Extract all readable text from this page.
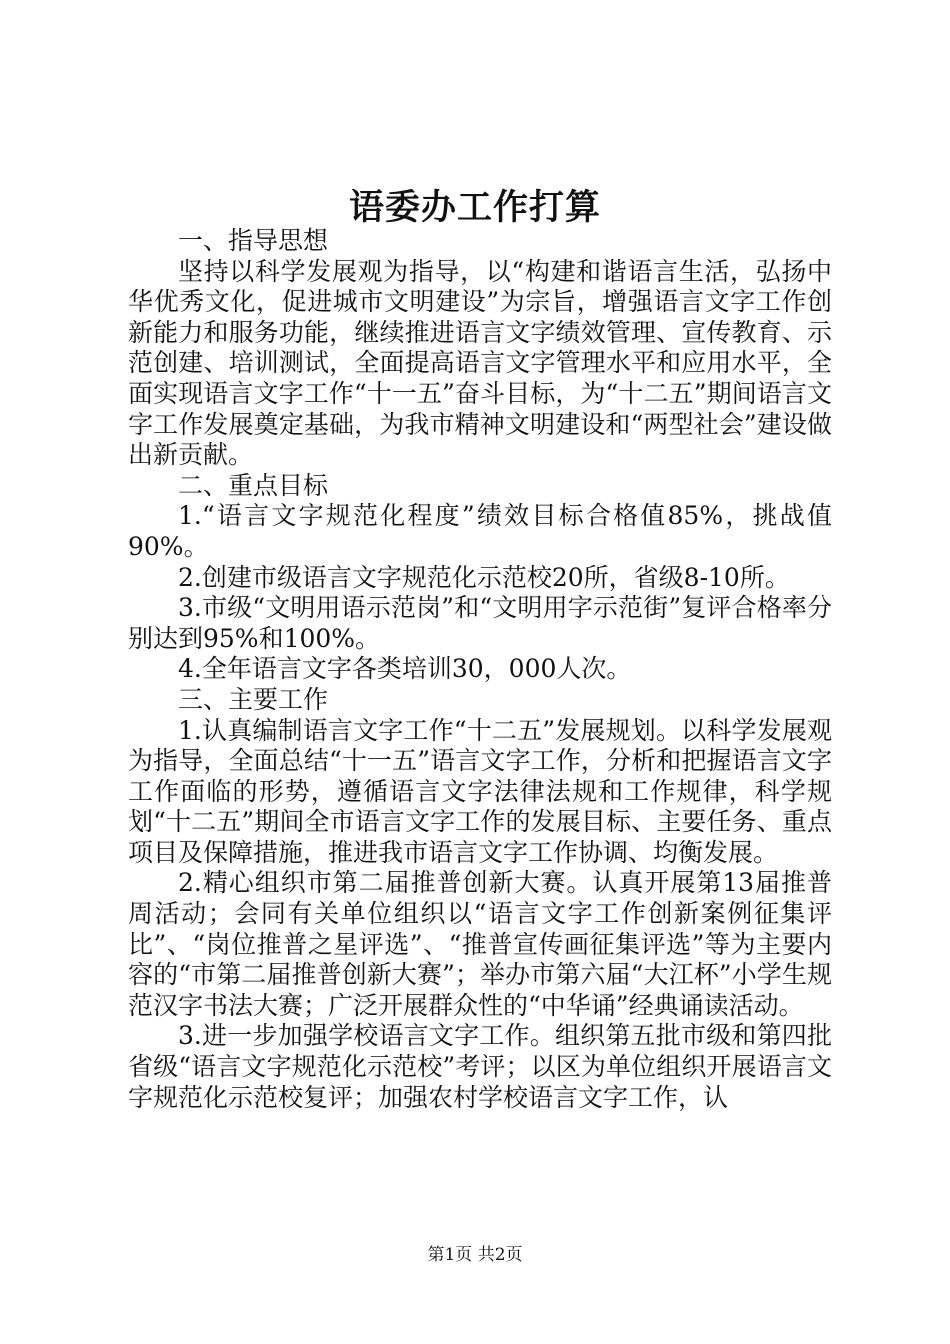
语委办工作打算

一、指导思想

坚持以科学发展观为指导，以“构建和谐语言生活，弘扬中华优秀文化，促进城市文明建设”为宗旨，增强语言文字工作创新能力和服务功能，继续推进语言文字绩效管理、宣传教育、示范创建、培训测试，全面提高语言文字管理水平和应用水平，全面实现语言文字工作“十一五”奋斗目标，为“十二五”期间语言文字工作发展奠定基础，为我市精神文明建设和“两型社会”建设做出新贡献。

二、重点目标

1.“语言文字规范化程度”绩效目标合格值85%，挑战值90%。

2.创建市级语言文字规范化示范校20所，省级8-10所。

3.市级“文明用语示范岗”和“文明用字示范街”复评合格率分别达到95%和100%。

4.全年语言文字各类培训30，000人次。

三、主要工作

1.认真编制语言文字工作“十二五”发展规划。以科学发展观为指导，全面总结“十一五”语言文字工作，分析和把握语言文字工作面临的形势，遵循语言文字法律法规和工作规律，科学规划“十二五”期间全市语言文字工作的发展目标、主要任务、重点项目及保障措施，推进我市语言文字工作协调、均衡发展。

2.精心组织市第二届推普创新大赛。认真开展第13届推普周活动；会同有关单位组织以“语言文字工作创新案例征集评比”、“岗位推普之星评选”、“推普宣传画征集评选”等为主要内容的“市第二届推普创新大赛”；举办市第六届“大江杯”小学生规范汉字书法大赛；广泛开展群众性的“中华诵”经典诵读活动。

3.进一步加强学校语言文字工作。组织第五批市级和第四批省级“语言文字规范化示范校”考评；以区为单位组织开展语言文字规范化示范校复评；加强农村学校语言文字工作，认

第1页 共2页
